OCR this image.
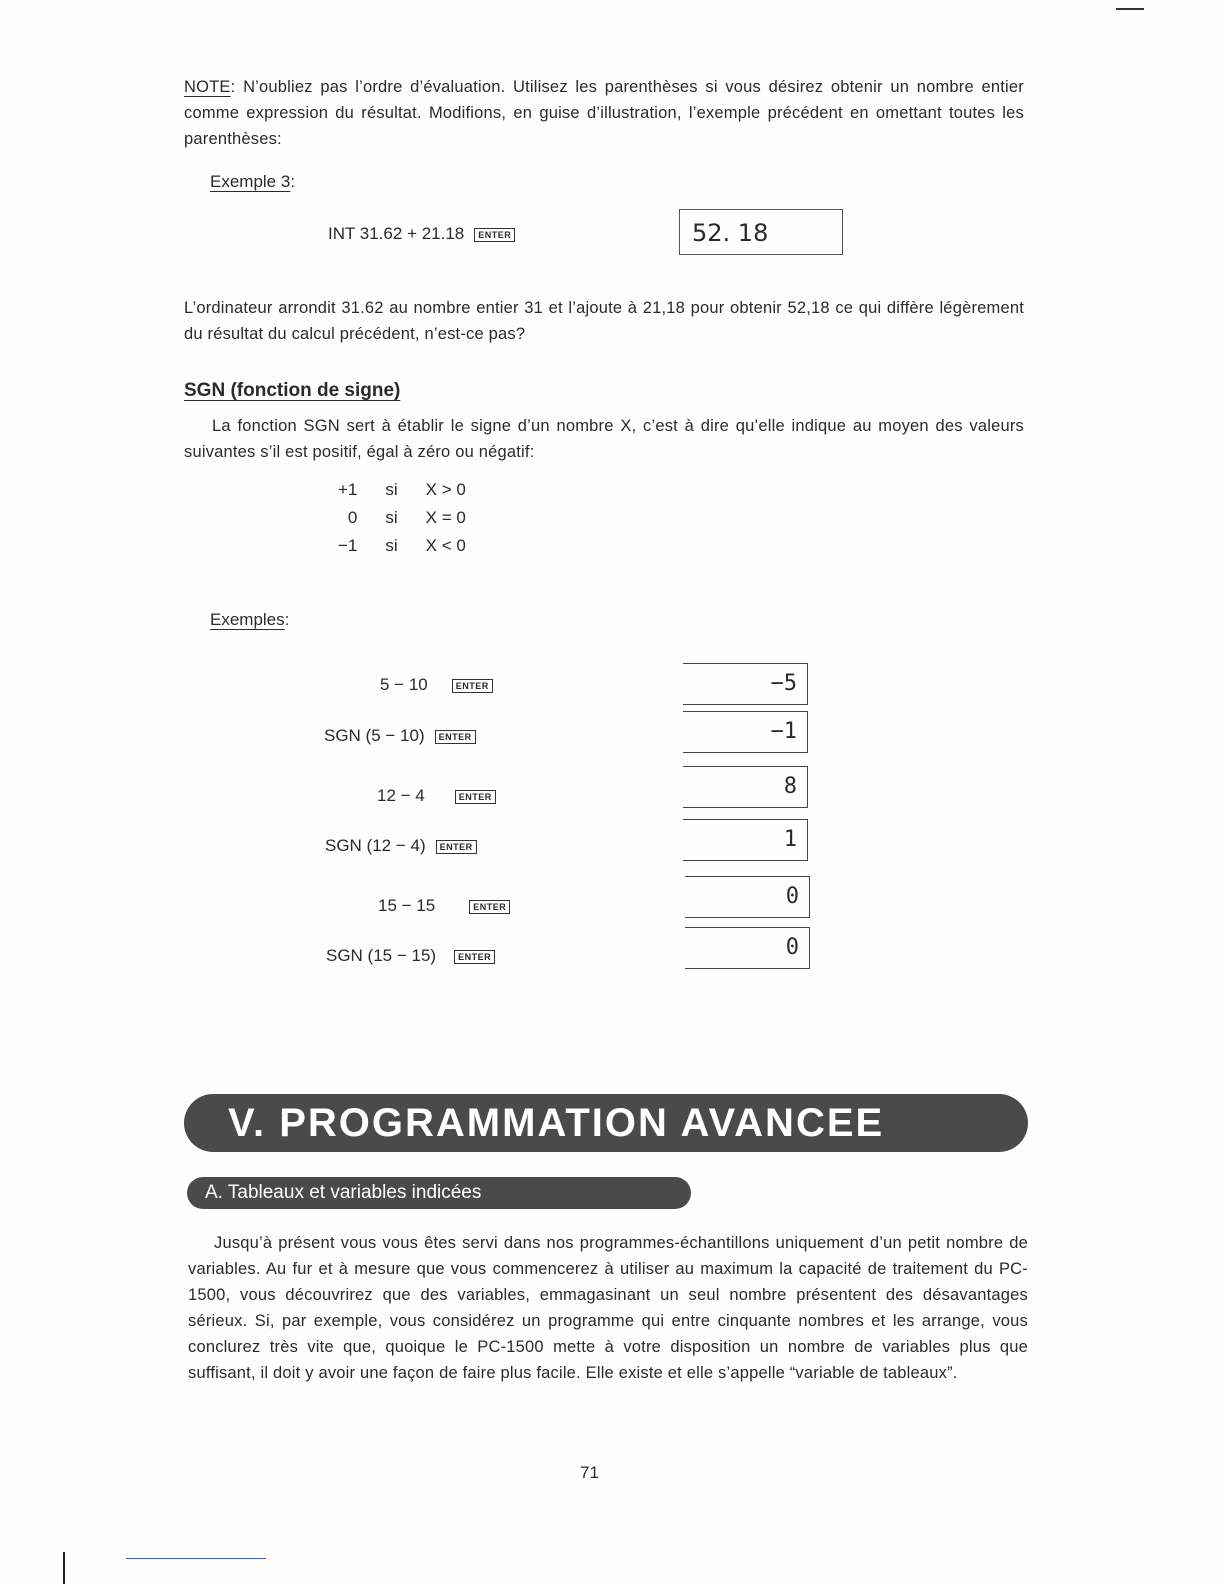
NOTE: N’oubliez pas l’ordre d’évaluation. Utilisez les parenthèses si vous désirez obtenir un nombre entier comme expression du résultat. Modifions, en guise d’illustration, l’exemple précédent en omettant toutes les parenthèses:
Exemple 3:
INT 31.62 + 21.18 ENTER	52. 18
L’ordinateur arrondit 31.62 au nombre entier 31 et l’ajoute à 21,18 pour obtenir 52,18 ce qui diffère légèrement du résultat du calcul précédent, n’est-ce pas?
SGN (fonction de signe)
La fonction SGN sert à établir le signe d’un nombre X, c’est à dire qu’elle indique au moyen des valeurs suivantes s’il est positif, égal à zéro ou négatif:
+1	si	X > 0
0	si	X = 0
−1	si	X < 0
Exemples:
5 − 10	ENTER	−5
SGN (5 − 10) ENTER	−1
12 − 4	ENTER	8
SGN (12 − 4) ENTER	1
15 − 15	ENTER	0
SGN (15 − 15) ENTER	0
V. PROGRAMMATION AVANCEE
A. Tableaux et variables indicées
Jusqu’à présent vous vous êtes servi dans nos programmes-échantillons uniquement d’un petit nombre de variables. Au fur et à mesure que vous commencerez à utiliser au maximum la capacité de traitement du PC-1500, vous découvrirez que des variables, emmagasinant un seul nombre présentent des désavantages sérieux. Si, par exemple, vous considérez un programme qui entre cinquante nombres et les arrange, vous conclurez très vite que, quoique le PC-1500 mette à votre disposition un nombre de variables plus que suffisant, il doit y avoir une façon de faire plus facile. Elle existe et elle s’appelle “variable de tableaux”.
71
